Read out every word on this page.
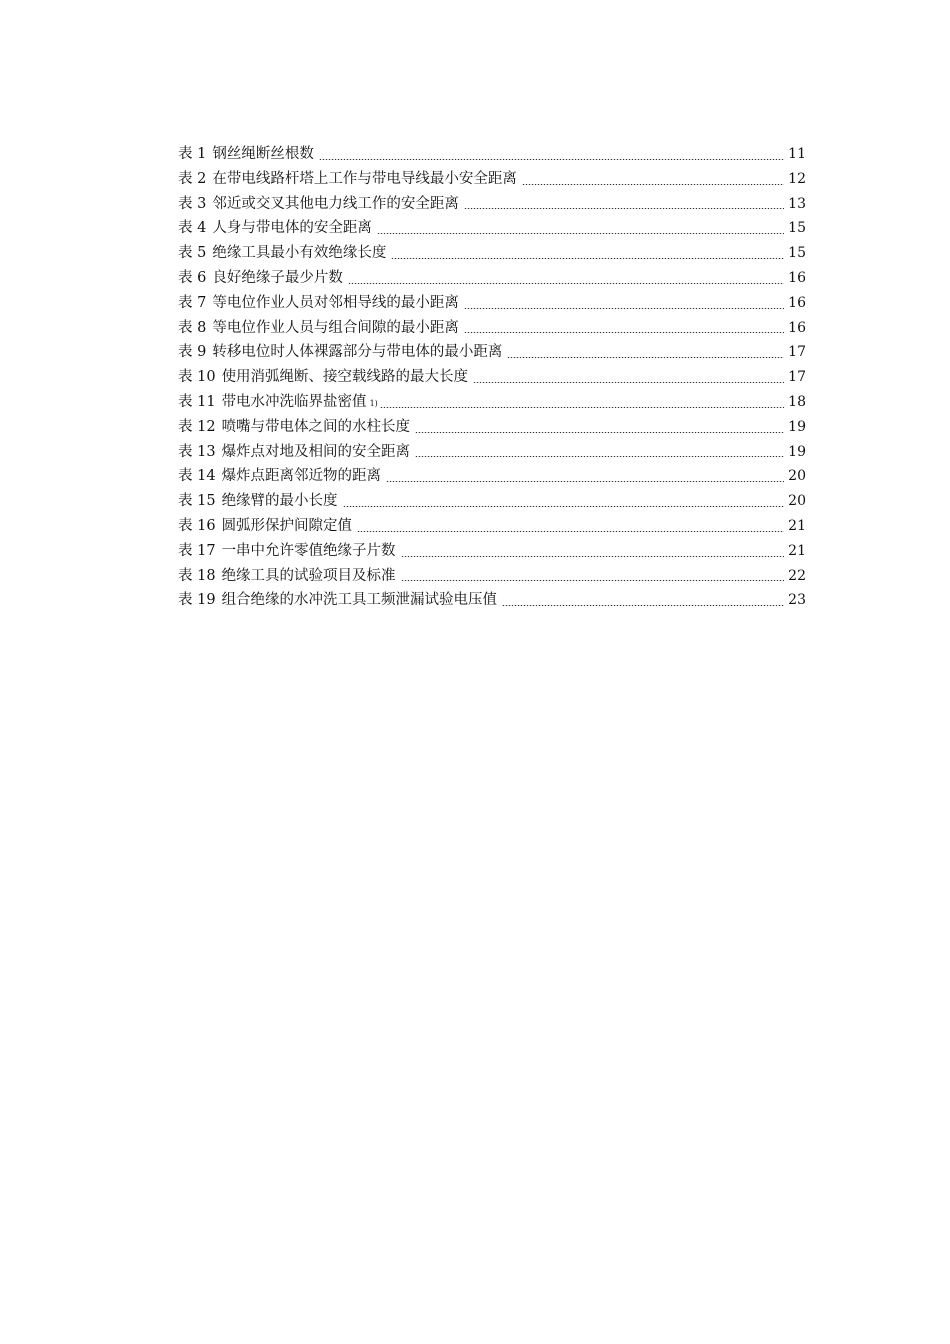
表 1 钢丝绳断丝根数	11
表 2 在带电线路杆塔上工作与带电导线最小安全距离	12
表 3 邻近或交叉其他电力线工作的安全距离	13
表 4 人身与带电体的安全距离	15
表 5 绝缘工具最小有效绝缘长度	15
表 6 良好绝缘子最少片数	16
表 7 等电位作业人员对邻相导线的最小距离	16
表 8 等电位作业人员与组合间隙的最小距离	16
表 9 转移电位时人体裸露部分与带电体的最小距离	17
表 10 使用消弧绳断、接空载线路的最大长度	17
表 11 带电水冲洗临界盐密值 1)	18
表 12 喷嘴与带电体之间的水柱长度	19
表 13 爆炸点对地及相间的安全距离	19
表 14 爆炸点距离邻近物的距离	20
表 15 绝缘臂的最小长度	20
表 16 圆弧形保护间隙定值	21
表 17 一串中允许零值绝缘子片数	21
表 18 绝缘工具的试验项目及标准	22
表 19 组合绝缘的水冲洗工具工频泄漏试验电压值	23
